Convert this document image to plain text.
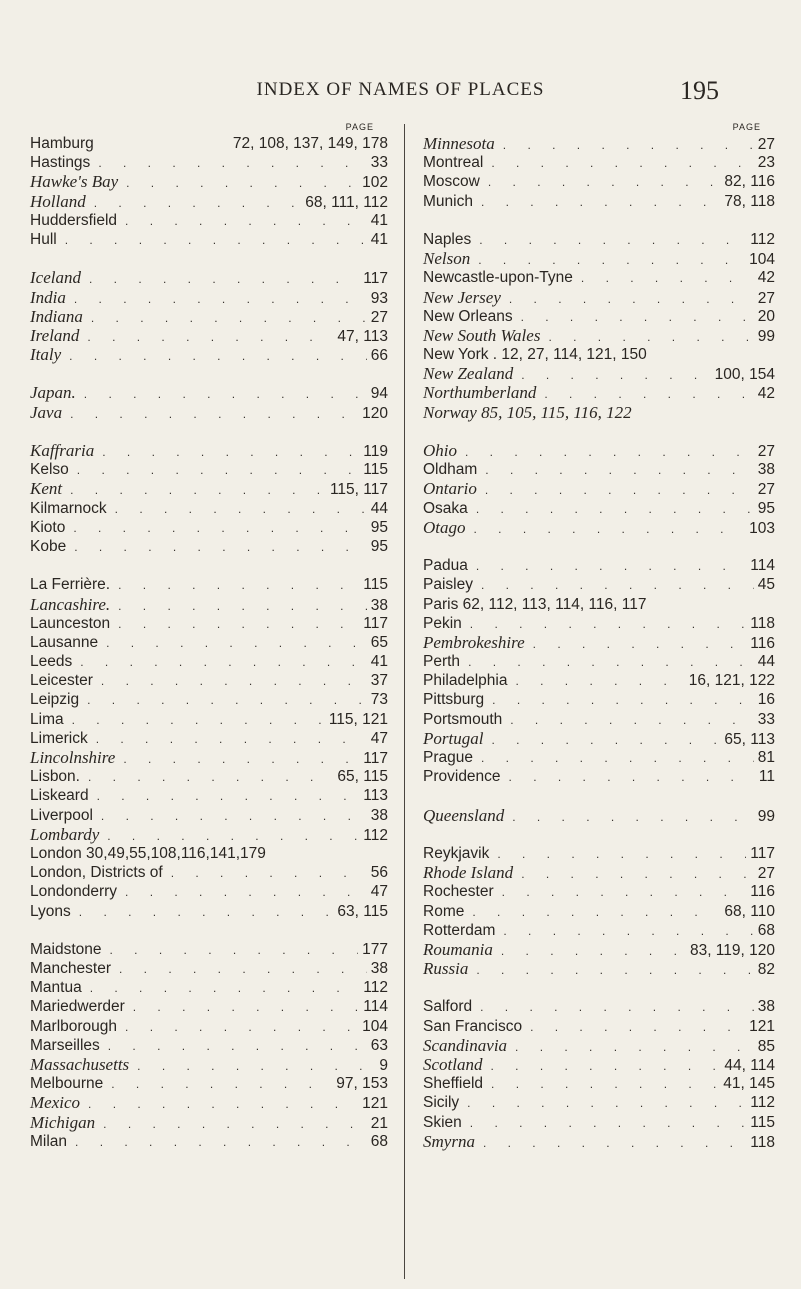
INDEX OF NAMES OF PLACES	195
PAGE
Hamburg	72, 108, 137, 149, 178
Hastings . . .	33
Hawke's Bay . . .	102
Holland . . .	68, 111, 112
Huddersfield . . .	41
Hull . . .	41
Iceland . . .	117
India . . .	93
Indiana . . .	27
Ireland . . .	47, 113
Italy . . .	66
Japan. . . .	94
Java . . .	120
Kaffraria . . .	119
Kelso . . .	115
Kent . . .	115, 117
Kilmarnock . . .	44
Kioto . . .	95
Kobe . . .	95
La Ferrière. . . .	115
Lancashire. . . .	38
Launceston . . .	117
Lausanne . . .	65
Leeds . . .	41
Leicester . . .	37
Leipzig . . .	73
Lima . . .	115, 121
Limerick . . .	47
Lincolnshire . . .	117
Lisbon. . . .	65, 115
Liskeard . . .	113
Liverpool . . .	38
Lombardy . . .	112
London 30,49,55,108,116,141,179
London, Districts of . . .	56
Londonderry . . .	47
Lyons . . .	63, 115
Maidstone . . .	177
Manchester . . .	38
Mantua . . .	112
Mariedwerder . . .	114
Marlborough . . .	104
Marseilles . . .	63
Massachusetts . . .	9
Melbourne . . .	97, 153
Mexico . . .	121
Michigan . . .	21
Milan . . .	68
PAGE
Minnesota . . .	27
Montreal . . .	23
Moscow . . .	82, 116
Munich . . .	78, 118
Naples . . .	112
Nelson . . .	104
Newcastle-upon-Tyne . . .	42
New Jersey . . .	27
New Orleans . . .	20
New South Wales . . .	99
New York . 12, 27, 114, 121, 150
New Zealand . . .	100, 154
Northumberland . . .	42
Norway 85, 105, 115, 116, 122
Ohio . . .	27
Oldham . . .	38
Ontario . . .	27
Osaka . . .	95
Otago . . .	103
Padua . . .	114
Paisley . . .	45
Paris 62, 112, 113, 114, 116, 117
Pekin . . .	118
Pembrokeshire . . .	116
Perth . . .	44
Philadelphia . . .	16, 121, 122
Pittsburg . . .	16
Portsmouth . . .	33
Portugal . . .	65, 113
Prague . . .	81
Providence . . .	11
Queensland . . .	99
Reykjavik . . .	117
Rhode Island . . .	27
Rochester . . .	116
Rome . . .	68, 110
Rotterdam . . .	68
Roumania . . .	83, 119, 120
Russia . . .	82
Salford . . .	38
San Francisco . . .	121
Scandinavia . . .	85
Scotland . . .	44, 114
Sheffield . . .	41, 145
Sicily . . .	112
Skien . . .	115
Smyrna . . .	118
